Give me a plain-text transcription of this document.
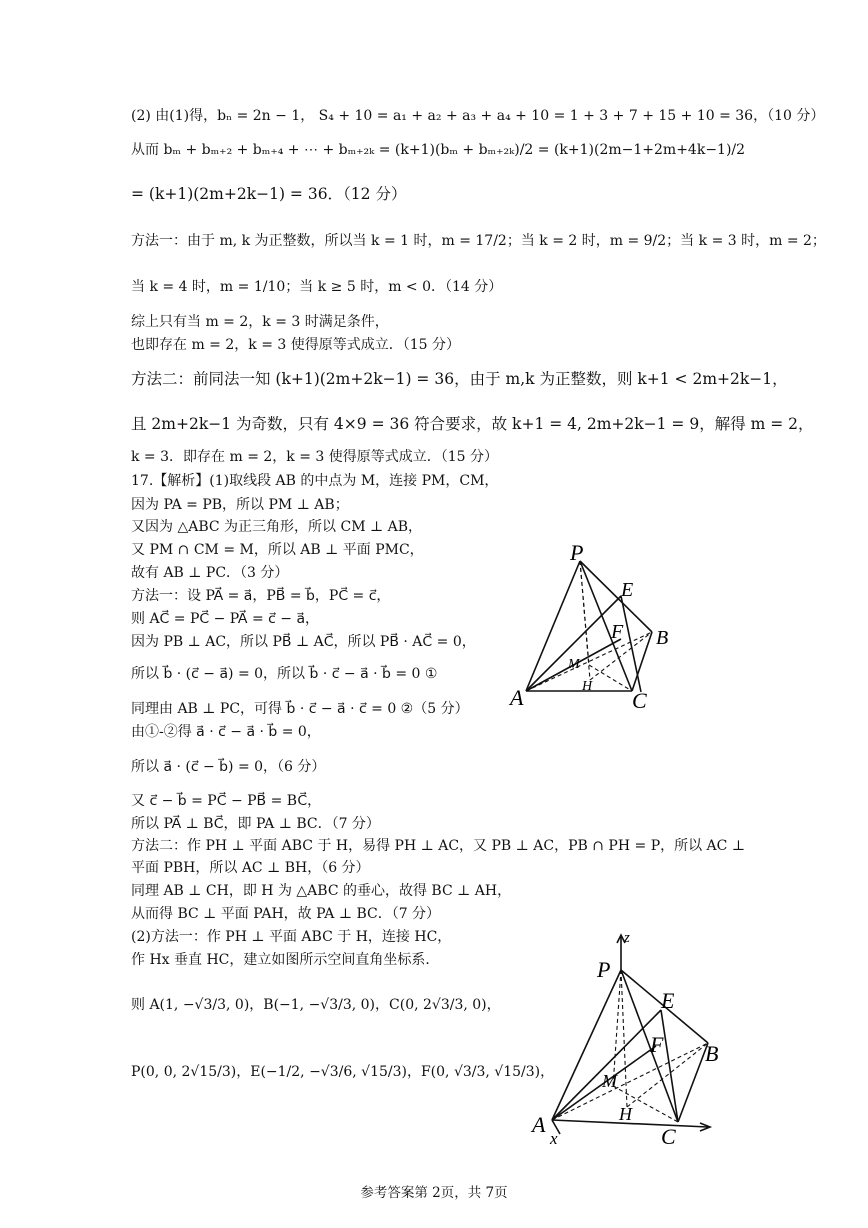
(2) 由(1)得，bₙ = 2n − 1， S₄ + 10 = a₁ + a₂ + a₃ + a₄ + 10 = 1 + 3 + 7 + 15 + 10 = 36，（10 分）
从而 bₘ + bₘ₊₂ + bₘ₊₄ + ⋯ + bₘ₊₂ₖ = (k+1)(bₘ + bₘ₊₂ₖ)/2 = (k+1)(2m−1+2m+4k−1)/2
= (k+1)(2m+2k−1) = 36．（12 分）
方法一：由于 m, k 为正整数，所以当 k = 1 时，m = 17/2；当 k = 2 时，m = 9/2；当 k = 3 时，m = 2；
当 k = 4 时，m = 1/10；当 k ≥ 5 时，m < 0．（14 分）
综上只有当 m = 2，k = 3 时满足条件，
也即存在 m = 2，k = 3 使得原等式成立．（15 分）
方法二：前同法一知 (k+1)(2m+2k−1) = 36，由于 m,k 为正整数，则 k+1 < 2m+2k−1，
且 2m+2k−1 为奇数，只有 4×9 = 36 符合要求，故 k+1 = 4, 2m+2k−1 = 9，解得 m = 2，
k = 3．即存在 m = 2，k = 3 使得原等式成立．（15 分）
17.【解析】(1)取线段 AB 的中点为 M，连接 PM，CM，
因为 PA = PB，所以 PM ⊥ AB；
又因为 △ABC 为正三角形，所以 CM ⊥ AB，
又 PM ∩ CM = M，所以 AB ⊥ 平面 PMC，
故有 AB ⊥ PC．（3 分）
方法一：设 PA⃗ = a⃗，PB⃗ = b⃗，PC⃗ = c⃗，
则 AC⃗ = PC⃗ − PA⃗ = c⃗ − a⃗，
因为 PB ⊥ AC，所以 PB⃗ ⊥ AC⃗，所以 PB⃗ · AC⃗ = 0，
所以 b⃗ · (c⃗ − a⃗) = 0，所以 b⃗ · c⃗ − a⃗ · b⃗ = 0 ①
同理由 AB ⊥ PC，可得 b⃗ · c⃗ − a⃗ · c⃗ = 0 ②（5 分）
由①-②得 a⃗ · c⃗ − a⃗ · b⃗ = 0，
所以 a⃗ · (c⃗ − b⃗) = 0，（6 分）
又 c⃗ − b⃗ = PC⃗ − PB⃗ = BC⃗，
所以 PA⃗ ⊥ BC⃗，即 PA ⊥ BC．（7 分）
方法二：作 PH ⊥ 平面 ABC 于 H，易得 PH ⊥ AC，又 PB ⊥ AC，PB ∩ PH = P，所以 AC ⊥
平面 PBH，所以 AC ⊥ BH，（6 分）
同理 AB ⊥ CH，即 H 为 △ABC 的垂心，故得 BC ⊥ AH，
从而得 BC ⊥ 平面 PAH，故 PA ⊥ BC．（7 分）
(2)方法一：作 PH ⊥ 平面 ABC 于 H，连接 HC，
作 Hx 垂直 HC，建立如图所示空间直角坐标系．
则 A(1, −√3/3, 0)，B(−1, −√3/3, 0)，C(0, 2√3/3, 0)，
P(0, 0, 2√15/3)，E(−1/2, −√3/6, √15/3)，F(0, √3/3, √15/3)，
P
E
F B
M
H
A	C
z
P
E
F B
M
H
A	C
x
参考答案第 2页，共 7页
